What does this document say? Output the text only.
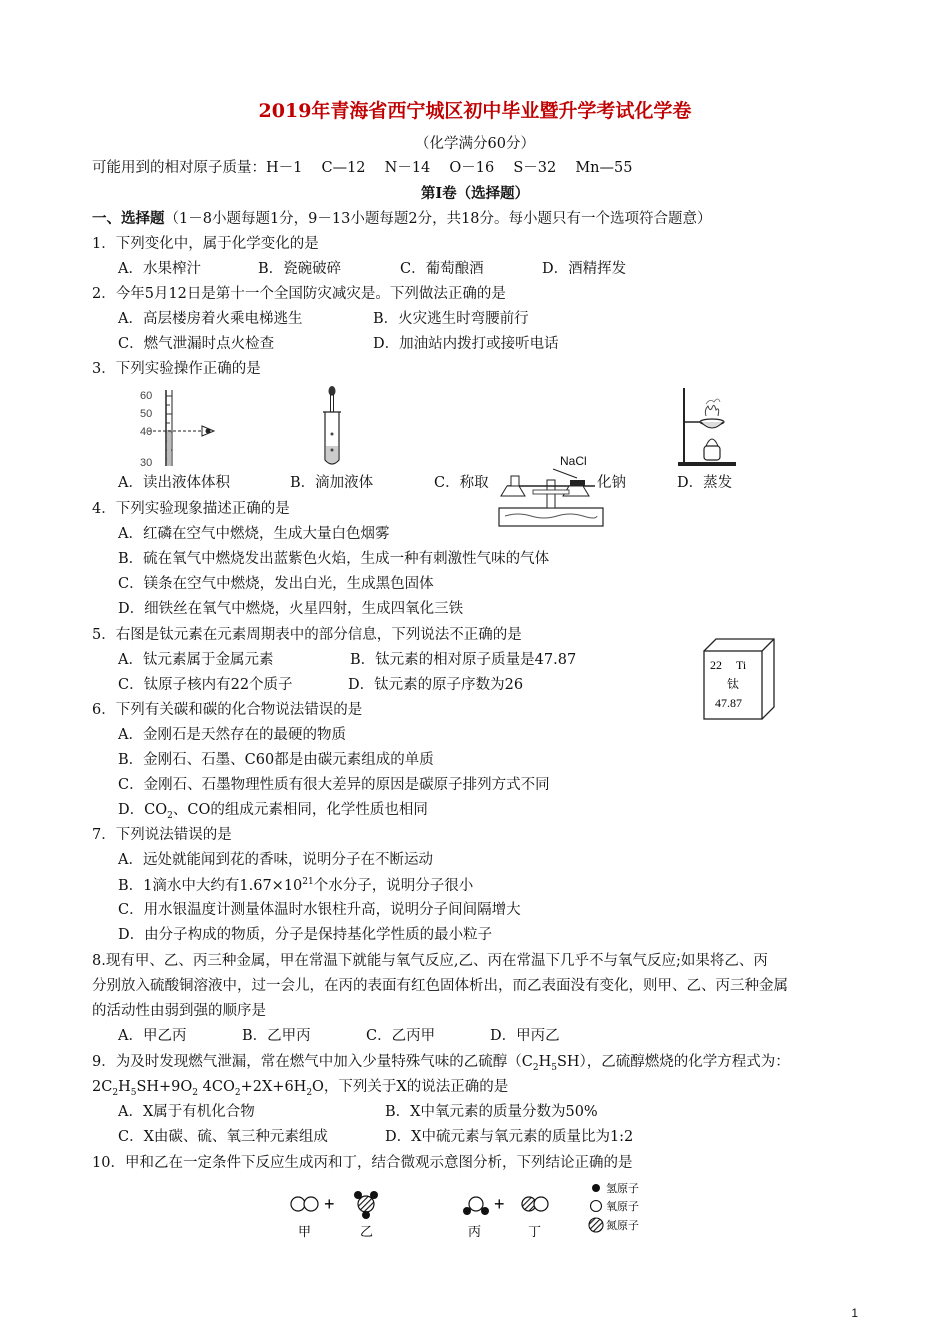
2019年青海省西宁城区初中毕业暨升学考试化学卷
（化学满分60分）
可能用到的相对原子质量：H－1　 C—12　 N－14　 O－16　 S－32　 Mn—55
第Ⅰ卷（选择题）
一、选择题（1－8小题每题1分，9－13小题每题2分，共18分。每小题只有一个选项符合题意）
1．下列变化中，属于化学变化的是
A．水果榨汁	B．瓷碗破碎	C．葡萄酿酒	D．酒精挥发
2．今年5月12日是第十一个全国防灾减灾是。下列做法正确的是
A．高层楼房着火乘电梯逃生	B．火灾逃生时弯腰前行
C．燃气泄漏时点火检查	D．加油站内拨打或接听电话
3．下列实验操作正确的是
60
50
40
30	NaCl
A．读出液体体积	B．滴加液体	C．称取	化钠	D．蒸发
4．下列实验现象描述正确的是
A．红磷在空气中燃烧，生成大量白色烟雾
B．硫在氧气中燃烧发出蓝紫色火焰，生成一种有刺激性气味的气体
C．镁条在空气中燃烧，发出白光，生成黑色固体
D．细铁丝在氧气中燃烧，火星四射，生成四氧化三铁
5．右图是钛元素在元素周期表中的部分信息，下列说法不正确的是
A．钛元素属于金属元素	B．钛元素的相对原子质量是47.87
C．钛原子核内有22个质子	D．钛元素的原子序数为26
22 Ti
钛
47.87
6．下列有关碳和碳的化合物说法错误的是
A．金刚石是天然存在的最硬的物质
B．金刚石、石墨、C60都是由碳元素组成的单质
C．金刚石、石墨物理性质有很大差异的原因是碳原子排列方式不同
D．$CO_2$、CO的组成元素相同，化学性质也相同
7．下列说法错误的是
A．远处就能闻到花的香味，说明分子在不断运动
B．1滴水中大约有$1.67\times 10^{21}$个水分子，说明分子很小
C．用水银温度计测量体温时水银柱升高，说明分子间间隔增大
D．由分子构成的物质，分子是保持基化学性质的最小粒子
8.现有甲、乙、丙三种金属，甲在常温下就能与氧气反应,乙、丙在常温下几乎不与氧气反应;如果将乙、丙
分别放入硫酸铜溶液中，过一会儿，在丙的表面有红色固体析出，而乙表面没有变化，则甲、乙、丙三种金属
的活动性由弱到强的顺序是
A．甲乙丙	B．乙甲丙	C．乙丙甲	D．甲丙乙
9．为及时发现燃气泄漏，常在燃气中加入少量特殊气味的乙硫醇$(C_2H_5SH)$，乙硫醇燃烧的化学方程式为：
$2C_2H_5SH+9O_2$ $4CO_2+2X+6H_2O$，下列关于X的说法正确的是
A．X属于有机化合物	B．X中氧元素的质量分数为50%
C．X由碳、硫、氧三种元素组成	D．X中硫元素与氧元素的质量比为1:2
10．甲和乙在一定条件下反应生成丙和丁，结合微观示意图分析，下列结论正确的是
+	+
甲	乙	丙	丁
氢原子
氧原子
氮原子
1
